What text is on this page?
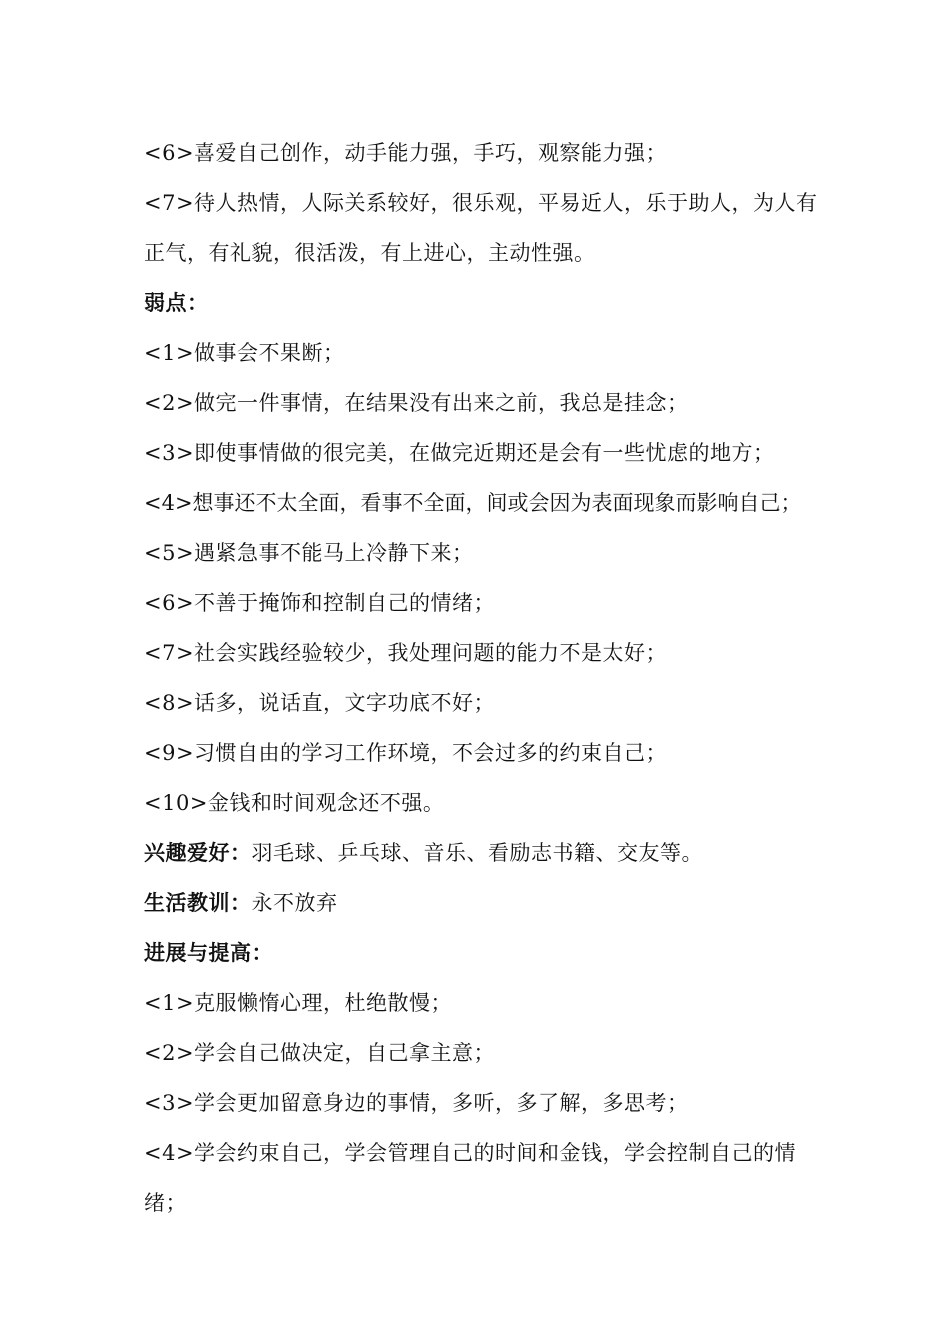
<6>喜爱自己创作，动手能力强，手巧，观察能力强；
<7>待人热情，人际关系较好，很乐观，平易近人，乐于助人，为人有正气，有礼貌，很活泼，有上进心，主动性强。
弱点：
<1>做事会不果断；
<2>做完一件事情，在结果没有出来之前，我总是挂念；
<3>即使事情做的很完美，在做完近期还是会有一些忧虑的地方；
<4>想事还不太全面，看事不全面，间或会因为表面现象而影响自己；
<5>遇紧急事不能马上冷静下来；
<6>不善于掩饰和控制自己的情绪；
<7>社会实践经验较少，我处理问题的能力不是太好；
<8>话多，说话直，文字功底不好；
<9>习惯自由的学习工作环境，不会过多的约束自己；
<10>金钱和时间观念还不强。
兴趣爱好：羽毛球、乒乓球、音乐、看励志书籍、交友等。
生活教训：永不放弃
进展与提高：
<1>克服懒惰心理，杜绝散慢；
<2>学会自己做决定，自己拿主意；
<3>学会更加留意身边的事情，多听，多了解，多思考；
<4>学会约束自己，学会管理自己的时间和金钱，学会控制自己的情绪；
